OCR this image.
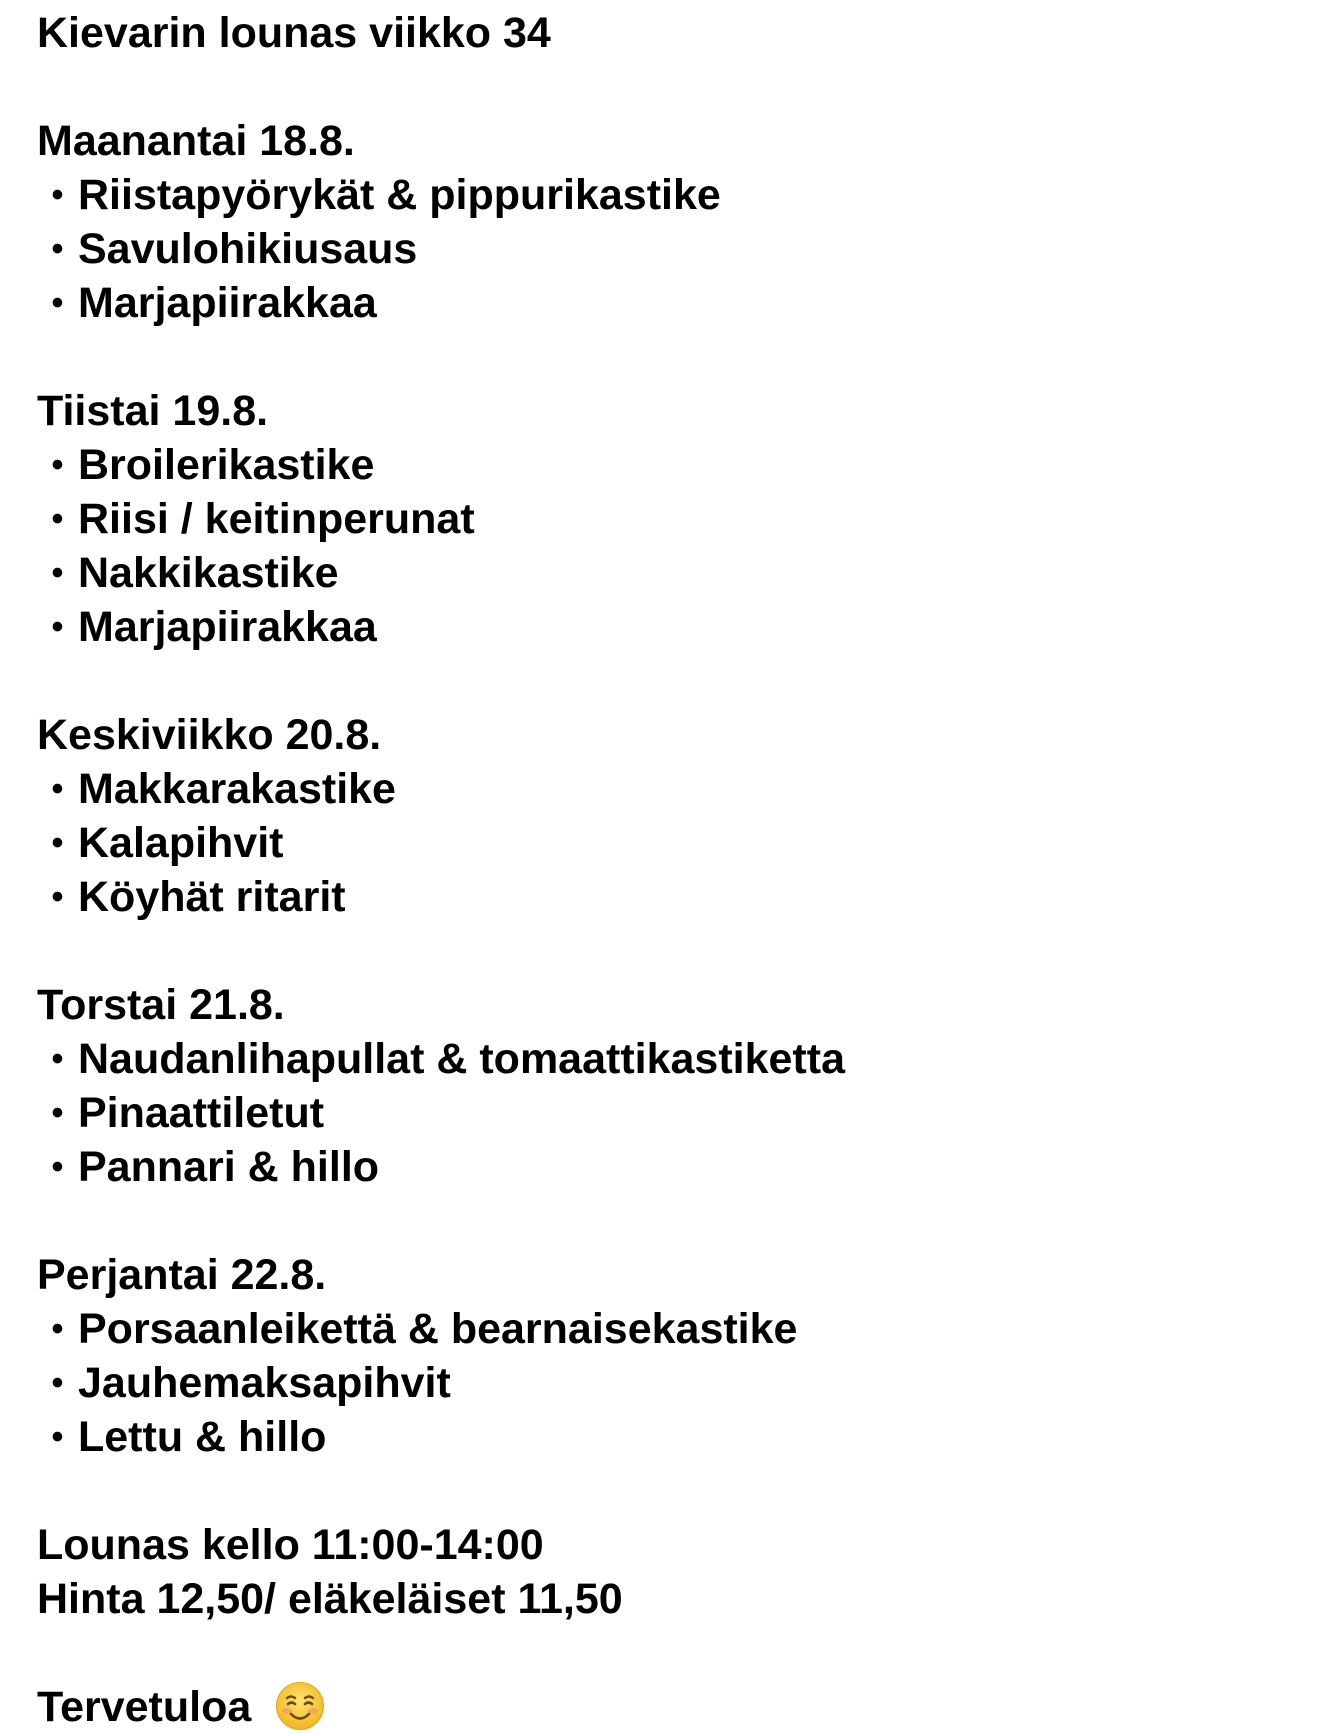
Kievarin lounas viikko 34
Maanantai 18.8.
• Riistapyörykät & pippurikastike
• Savulohikiusaus
• Marjapiirakkaa
Tiistai 19.8.
• Broilerikastike
• Riisi / keitinperunat
• Nakkikastike
• Marjapiirakkaa
Keskiviikko 20.8.
• Makkarakastike
• Kalapihvit
• Köyhät ritarit
Torstai 21.8.
• Naudanlihapullat & tomaattikastiketta
• Pinaattiletut
• Pannari & hillo
Perjantai 22.8.
• Porsaanleikettä & bearnaisekastike
• Jauhemaksapihvit
• Lettu & hillo
Lounas kello 11:00-14:00
Hinta 12,50/ eläkeläiset 11,50
Tervetuloa
